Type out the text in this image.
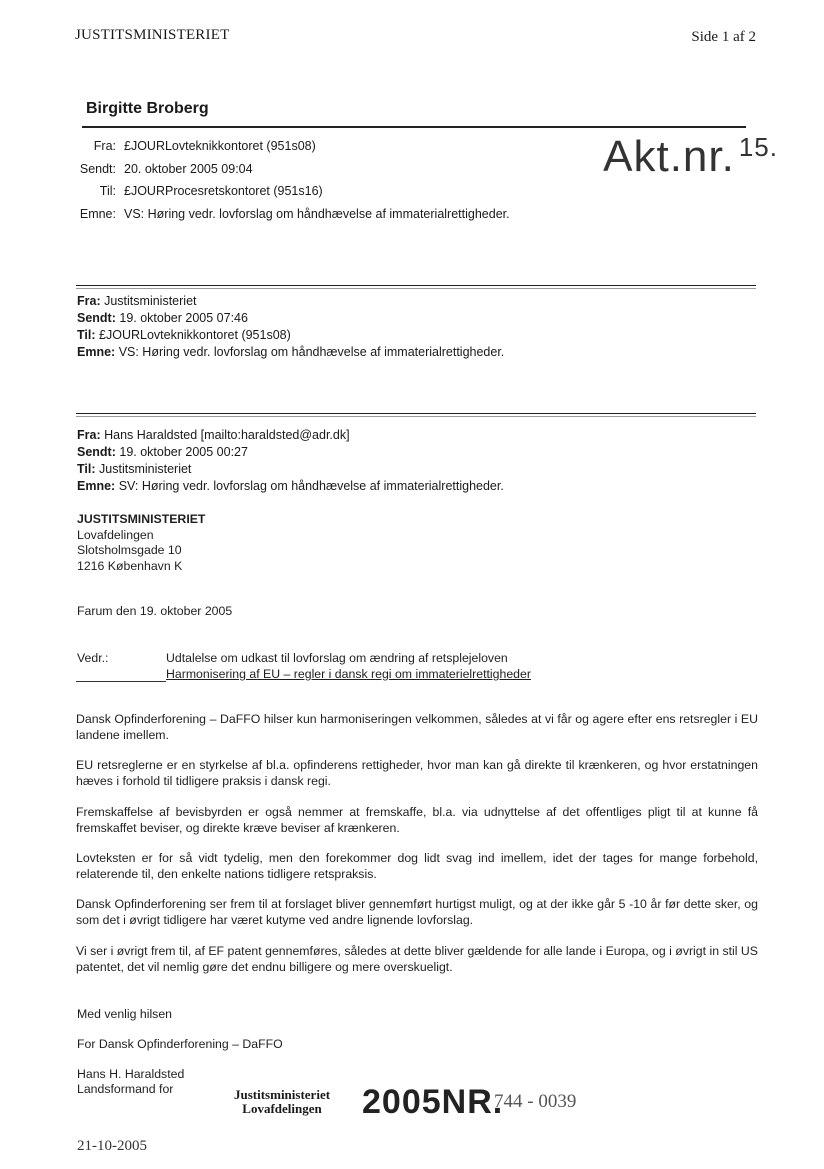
JUSTITSMINISTERIET	Side 1 af 2
Birgitte Broberg
Fra: £JOURLovteknikkontoret (951s08)
Sendt: 20. oktober 2005 09:04
Til: £JOURProcesretskontoret (951s16)
Emne: VS: Høring vedr. lovforslag om håndhævelse af immaterialrettigheder.
Akt.nr. $^{15.}$
Fra: Justitsministeriet
Sendt: 19. oktober 2005 07:46
Til: £JOURLovteknikkontoret (951s08)
Emne: VS: Høring vedr. lovforslag om håndhævelse af immaterialrettigheder.
Fra: Hans Haraldsted [mailto:haraldsted@adr.dk]
Sendt: 19. oktober 2005 00:27
Til: Justitsministeriet
Emne: SV: Høring vedr. lovforslag om håndhævelse af immaterialrettigheder.
JUSTITSMINISTERIET
Lovafdelingen
Slotsholmsgade 10
1216 København K
Farum den 19. oktober 2005
Vedr.:	Udtalelse om udkast til lovforslag om ændring af retsplejeloven
Harmonisering af EU – regler i dansk regi om immaterielrettigheder
Dansk Opfinderforening – DaFFO hilser kun harmoniseringen velkommen, således at vi får og agere efter ens retsregler i EU landene imellem.
EU retsreglerne er en styrkelse af bl.a. opfinderens rettigheder, hvor man kan gå direkte til krænkeren, og hvor erstatningen hæves i forhold til tidligere praksis i dansk regi.
Fremskaffelse af bevisbyrden er også nemmer at fremskaffe, bl.a. via udnyttelse af det offentliges pligt til at kunne få fremskaffet beviser, og direkte kræve beviser af krænkeren.
Lovteksten er for så vidt tydelig, men den forekommer dog lidt svag ind imellem, idet der tages for mange forbehold, relaterende til, den enkelte nations tidligere retspraksis.
Dansk Opfinderforening ser frem til at forslaget bliver gennemført hurtigst muligt, og at der ikke går 5 -10 år før dette sker, og som det i øvrigt tidligere har været kutyme ved andre lignende lovforslag.
Vi ser i øvrigt frem til, af EF patent gennemføres, således at dette bliver gældende for alle lande i Europa, og i øvrigt in stil US patentet, det vil nemlig gøre det endnu billigere og mere overskueligt.
Med venlig hilsen
For Dansk Opfinderforening – DaFFO
Hans H. Haraldsted
Landsformand for	Justitsministeriet
Lovafdelingen 2005NR.
744 - 0039
21-10-2005
